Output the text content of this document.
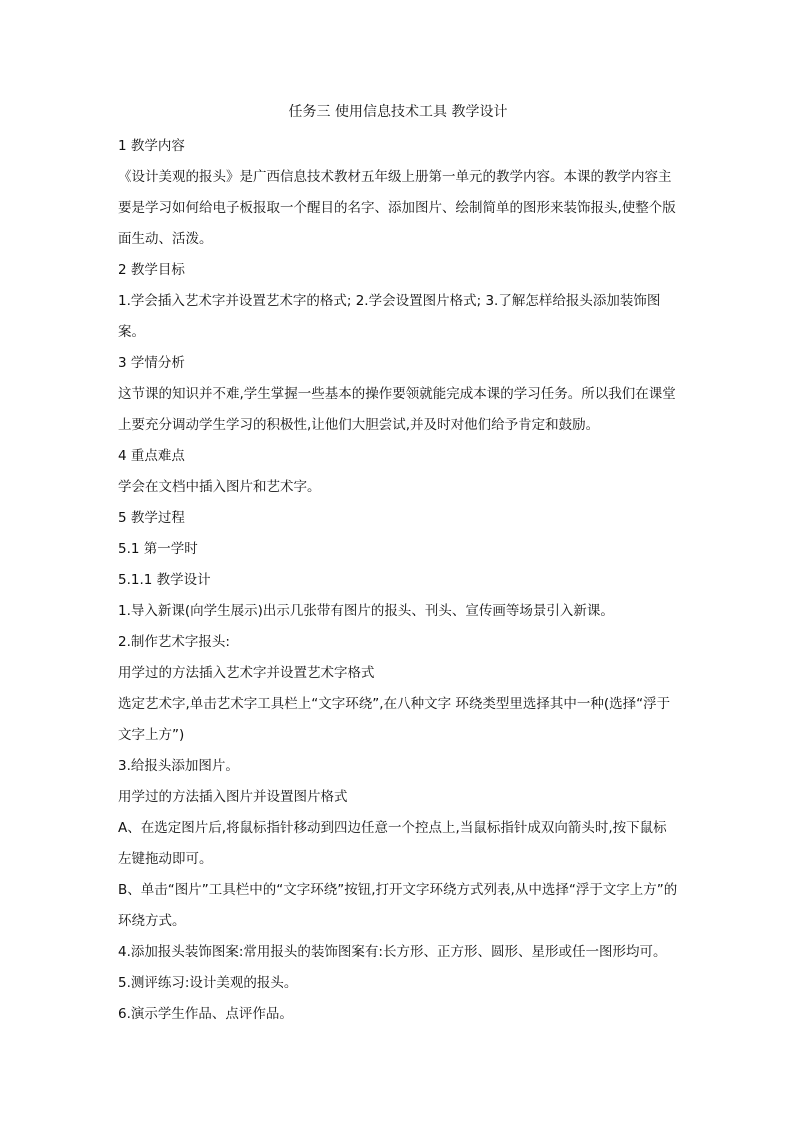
任务三 使用信息技术工具 教学设计
1 教学内容
《设计美观的报头》是广西信息技术教材五年级上册第一单元的教学内容。本课的教学内容主要是学习如何给电子板报取一个醒目的名字、添加图片、绘制简单的图形来装饰报头,使整个版面生动、活泼。
2 教学目标
1.学会插入艺术字并设置艺术字的格式; 2.学会设置图片格式; 3.了解怎样给报头添加装饰图案。
3 学情分析
这节课的知识并不难,学生掌握一些基本的操作要领就能完成本课的学习任务。所以我们在课堂上要充分调动学生学习的积极性,让他们大胆尝试,并及时对他们给予肯定和鼓励。
4 重点难点
学会在文档中插入图片和艺术字。
5 教学过程
5.1 第一学时
5.1.1 教学设计
1.导入新课(向学生展示)出示几张带有图片的报头、刊头、宣传画等场景引入新课。
2.制作艺术字报头:
用学过的方法插入艺术字并设置艺术字格式
选定艺术字,单击艺术字工具栏上“文字环绕”,在八种文字 环绕类型里选择其中一种(选择“浮于文字上方”)
3.给报头添加图片。
用学过的方法插入图片并设置图片格式
A、在选定图片后,将鼠标指针移动到四边任意一个控点上,当鼠标指针成双向箭头时,按下鼠标左键拖动即可。
B、单击“图片”工具栏中的“文字环绕”按钮,打开文字环绕方式列表,从中选择“浮于文字上方”的环绕方式。
4.添加报头装饰图案:常用报头的装饰图案有:长方形、正方形、圆形、星形或任一图形均可。
5.测评练习:设计美观的报头。
6.演示学生作品、点评作品。
